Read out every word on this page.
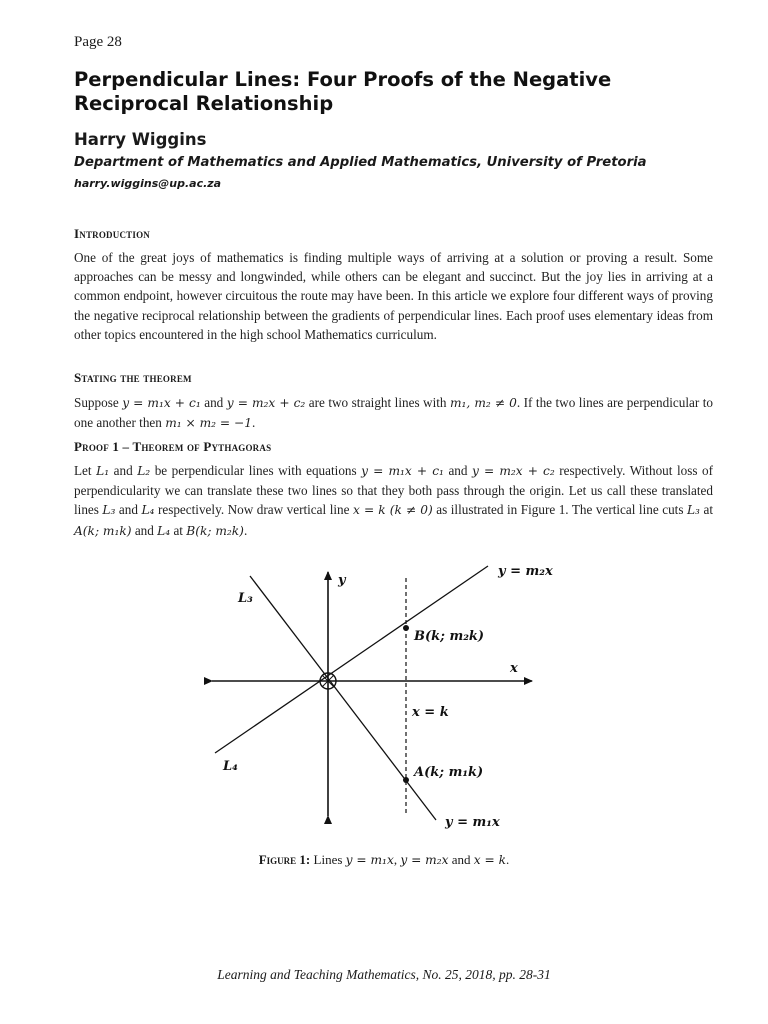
Page 28
Perpendicular Lines: Four Proofs of the Negative Reciprocal Relationship
Harry Wiggins
Department of Mathematics and Applied Mathematics, University of Pretoria
harry.wiggins@up.ac.za
Introduction

One of the great joys of mathematics is finding multiple ways of arriving at a solution or proving a result. Some approaches can be messy and longwinded, while others can be elegant and succinct. But the joy lies in arriving at a common endpoint, however circuitous the route may have been. In this article we explore four different ways of proving the negative reciprocal relationship between the gradients of perpendicular lines. Each proof uses elementary ideas from other topics encountered in the high school Mathematics curriculum.

Stating the theorem

Suppose y = m₁x + c₁ and y = m₂x + c₂ are two straight lines with m₁, m₂ ≠ 0. If the two lines are perpendicular to one another then m₁ × m₂ = −1.

Proof 1 – Theorem of Pythagoras

Let L₁ and L₂ be perpendicular lines with equations y = m₁x + c₁ and y = m₂x + c₂ respectively. Without loss of perpendicularity we can translate these two lines so that they both pass through the origin. Let us call these translated lines L₃ and L₄ respectively. Now draw vertical line x = k (k ≠ 0) as illustrated in Figure 1. The vertical line cuts L₃ at A(k; m₁k) and L₄ at B(k; m₂k).

y
x
L₃
L₄
y = m₂x
y = m₁x
B(k; m₂k)
A(k; m₁k)
x = k
Figure 1: Lines y = m₁x, y = m₂x and x = k.
Learning and Teaching Mathematics, No. 25, 2018, pp. 28-31
